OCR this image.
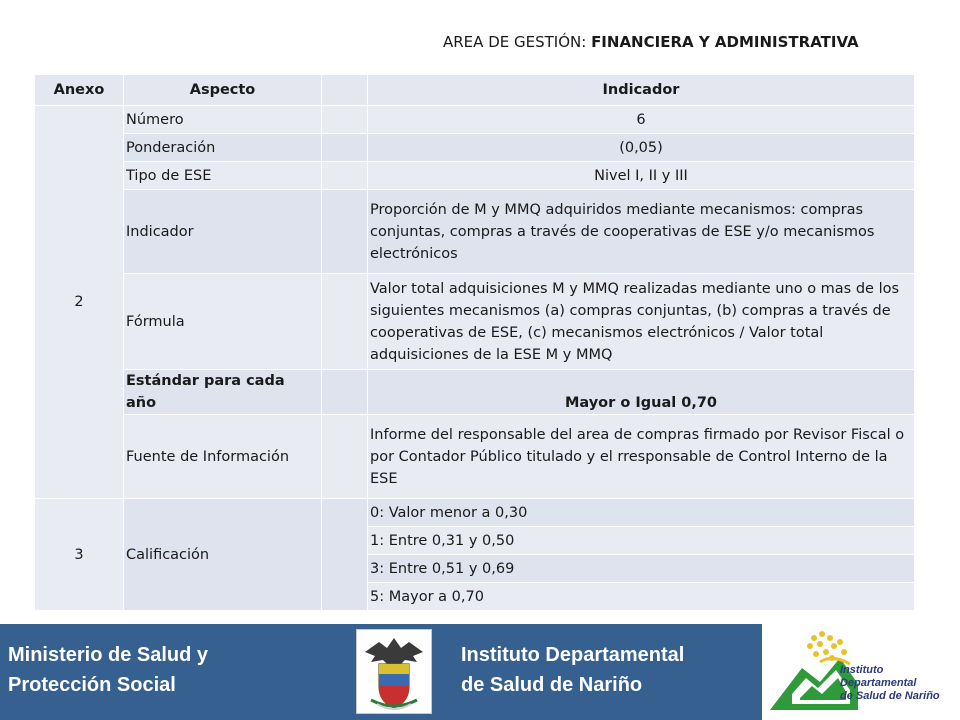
AREA DE GESTIÓN: FINANCIERA Y ADMINISTRATIVA
Anexo	Aspecto		Indicador
2	Número		6
	Ponderación		(0,05)
	Tipo de ESE		Nivel I, II y III
	Indicador		Proporción de M y MMQ adquiridos mediante mecanismos: compras conjuntas, compras a través de cooperativas de ESE y/o mecanismos electrónicos
	Fórmula		Valor total adquisiciones M y MMQ realizadas mediante uno o mas de los siguientes mecanismos (a) compras conjuntas, (b) compras a través de cooperativas de ESE, (c) mecanismos electrónicos / Valor total adquisiciones de la ESE M y MMQ
	Estándar para cada año		Mayor o Igual 0,70
	Fuente de Información		Informe del responsable del area de compras firmado por Revisor Fiscal o por Contador Público titulado y el rresponsable de Control Interno de la ESE
3	Calificación		0: Valor menor a 0,30
			1: Entre 0,31 y 0,50
			3: Entre 0,51 y 0,69
			5: Mayor a 0,70
Ministerio de Salud y
Protección Social
Instituto Departamental
de Salud de Nariño
Instituto
Departamental
de Salud de Nariño
